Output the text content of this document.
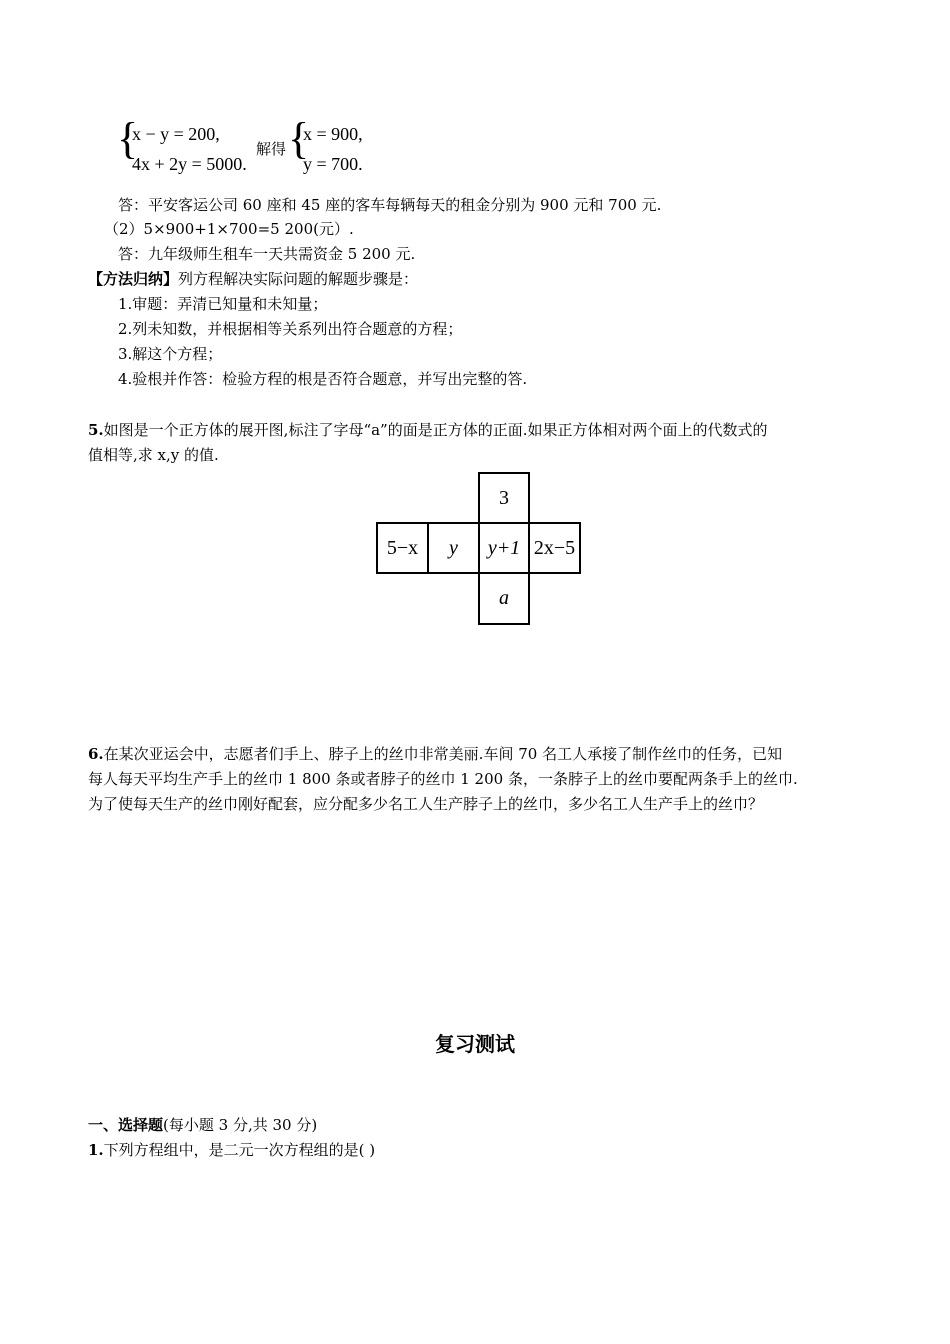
{
x − y = 200,
4x + 2y = 5000.
解得 {
x = 900,
y = 700.
答：平安客运公司 60 座和 45 座的客车每辆每天的租金分别为 900 元和 700 元.
（2）5×900+1×700=5 200(元）.
答：九年级师生租车一天共需资金 5 200 元.
【方法归纳】列方程解决实际问题的解题步骤是：
1.审题：弄清已知量和未知量；
2.列未知数，并根据相等关系列出符合题意的方程；
3.解这个方程；
4.验根并作答：检验方程的根是否符合题意，并写出完整的答.
5.如图是一个正方体的展开图,标注了字母“a”的面是正方体的正面.如果正方体相对两个面上的代数式的
值相等,求 x,y 的值.
3
5−x	y	y+1 2x−5
a
6.在某次亚运会中，志愿者们手上、脖子上的丝巾非常美丽.车间 70 名工人承接了制作丝巾的任务，已知
每人每天平均生产手上的丝巾 1 800 条或者脖子的丝巾 1 200 条，一条脖子上的丝巾要配两条手上的丝巾.
为了使每天生产的丝巾刚好配套，应分配多少名工人生产脖子上的丝巾，多少名工人生产手上的丝巾？
复习测试
一、选择题(每小题 3 分,共 30 分)
1.下列方程组中，是二元一次方程组的是( )
